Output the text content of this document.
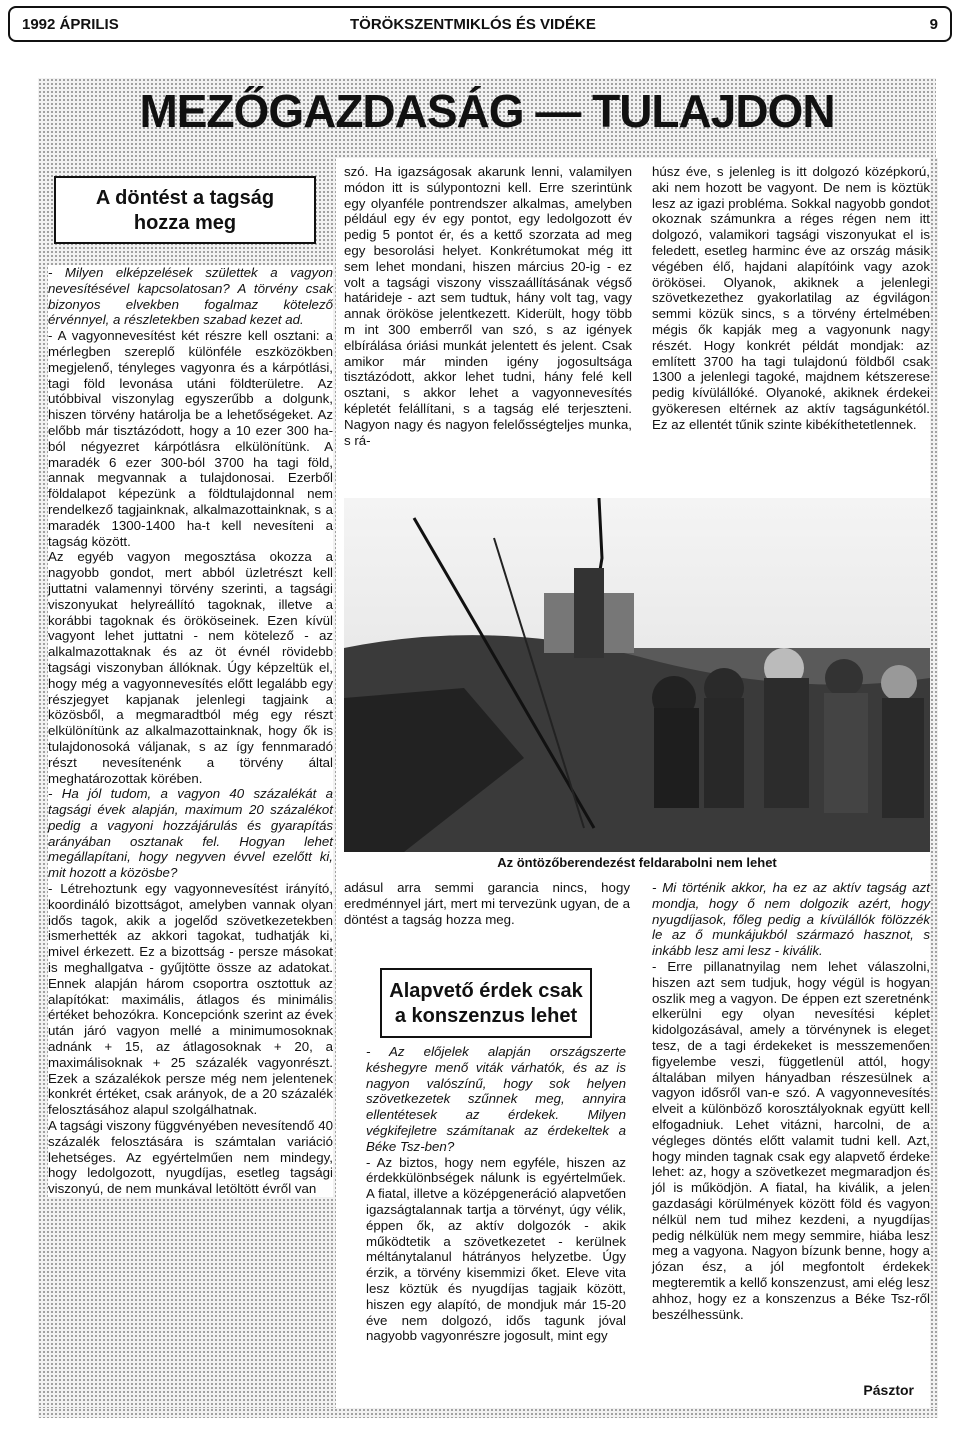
1992 ÁPRILIS	TÖRÖKSZENTMIKLÓS ÉS VIDÉKE	9
MEZŐGAZDASÁG — TULAJDON
A döntést a tagság
hozza meg

- Milyen elképzelések születtek a vagyon nevesítésével kapcsolatosan? A törvény csak bizonyos elvekben fogalmaz kötelező érvénnyel, a részletekben szabad kezet ad.

- A vagyonnevesítést két részre kell osztani: a mérlegben szereplő különféle eszközökben megjelenő, tényleges vagyonra és a kárpótlási, tagi föld levonása utáni földterületre. Az utóbbival viszonylag egyszerűbb a dolgunk, hiszen törvény határolja be a lehetőségeket. Az előbb már tisztázódott, hogy a 10 ezer 300 ha-ból négyezret kárpótlásra elkülönítünk. A maradék 6 ezer 300-ból 3700 ha tagi föld, annak megvannak a tulajdonosai. Ezerből földalapot képezünk a földtulajdonnal nem rendelkező tagjainknak, alkalmazottainknak, s a maradék 1300-1400 ha-t kell nevesíteni a tagság között.

Az egyéb vagyon megosztása okozza a nagyobb gondot, mert abból üzletrészt kell juttatni valamennyi törvény szerinti, a tagsági viszonyukat helyreállító tagoknak, illetve a korábbi tagoknak és örököseinek. Ezen kívül vagyont lehet juttatni - nem kötelező - az alkalmazottaknak és az öt évnél rövidebb tagsági viszonyban állóknak. Úgy képzeltük el, hogy még a vagyonnevesítés előtt legalább egy részjegyet kapjanak jelenlegi tagjaink a közösből, a megmaradtból még egy részt elkülönítünk az alkalmazottainknak, hogy ők is tulajdonosoká váljanak, s az így fennmaradó részt nevesítenénk a törvény által meghatározottak körében.

- Ha jól tudom, a vagyon 40 százalékát a tagsági évek alapján, maximum 20 százalékot pedig a vagyoni hozzájárulás és gyarapítás arányában osztanak fel. Hogyan lehet megállapítani, hogy negyven évvel ezelőtt ki, mit hozott a közösbe?

- Létrehoztunk egy vagyonnevesítést irányító, koordináló bizottságot, amelyben vannak olyan idős tagok, akik a jogelőd szövetkezetekben ismerhették az akkori tagokat, tudhatják ki, mivel érkezett. Ez a bizottság - persze másokat is meghallgatva - gyűjtötte össze az adatokat. Ennek alapján három csoportra osztottuk az alapítókat: maximális, átlagos és minimális értéket behozókra. Koncepciónk szerint az évek után járó vagyon mellé a minimumosoknak adnánk + 15, az átlagosoknak + 20, a maximálisoknak + 25 százalék vagyonrészt. Ezek a százalékok persze még nem jelentenek konkrét értéket, csak arányok, de a 20 százalék felosztásához alapul szolgálhatnak.

A tagsági viszony függvényében nevesítendő 40 százalék felosztására is számtalan variáció lehetséges. Az egyértelműen nem mindegy, hogy ledolgozott, nyugdíjas, esetleg tagsági viszonyú, de nem munkával letöltött évről van

szó. Ha igazságosak akarunk lenni, valamilyen módon itt is súlypontozni kell. Erre szerintünk egy olyanféle pontrendszer alkalmas, amelyben például egy év egy pontot, egy ledolgozott év pedig 5 pontot ér, és a kettő szorzata ad meg egy besorolási helyet. Konkrétumokat még itt sem lehet mondani, hiszen március 20-ig - ez volt a tagsági viszony visszaállításának végső határideje - azt sem tudtuk, hány volt tag, vagy annak örököse jelentkezett. Kiderült, hogy több m int 300 emberről van szó, s az igények elbírálása óriási munkát jelentett és jelent. Csak amikor már minden igény jogosultsága tisztázódott, akkor lehet tudni, hány felé kell osztani, s akkor lehet a vagyonnevesítés képletét felállítani, s a tagság elé terjeszteni. Nagyon nagy és nagyon felelősségteljes munka, s rá-

húsz éve, s jelenleg is itt dolgozó középkorú, aki nem hozott be vagyont. De nem is köztük lesz az igazi probléma. Sokkal nagyobb gondot okoznak számunkra a réges régen nem itt dolgozó, valamikori tagsági viszonyukat el is feledett, esetleg harminc éve az ország másik végében élő, hajdani alapítóink vagy azok örökösei. Olyanok, akiknek a jelenlegi szövetkezethez gyakorlatilag az égvilágon semmi közük sincs, s a törvény értelmében mégis ők kapják meg a vagyonunk nagy részét. Hogy konkrét példát mondjak: az említett 3700 ha tagi tulajdonú földből csak 1300 a jelenlegi tagoké, majdnem kétszerese pedig kívülállóké. Olyanoké, akiknek érdekei gyökeresen eltérnek az aktív tagságunkétól. Ez az ellentét tűnik szinte kibékíthetetlennek.

Az öntözőberendezést feldarabolni nem lehet

adásul arra semmi garancia nincs, hogy eredménnyel járt, mert mi tervezünk ugyan, de a döntést a tagság hozza meg.

Alapvető érdek csak
a konszenzus lehet

- Az előjelek alapján országszerte késhegyre menő viták várhatók, és az is nagyon valószínű, hogy sok helyen szövetkezetek szűnnek meg, annyira ellentétesek az érdekek. Milyen végkifejletre számítanak az érdekeltek a Béke Tsz-ben?

- Az biztos, hogy nem egyféle, hiszen az érdekkülönbségek nálunk is egyértelműek. A fiatal, illetve a középgeneráció alapvetően igazságtalannak tartja a törvényt, úgy vélik, éppen ők, az aktív dolgozók - akik működtetik a szövetkezetet - kerülnek méltánytalanul hátrányos helyzetbe. Úgy érzik, a törvény kisemmizi őket. Eleve vita lesz köztük és nyugdíjas tagjaik között, hiszen egy alapító, de mondjuk már 15-20 éve nem dolgozó, idős tagunk jóval nagyobb vagyonrészre jogosult, mint egy

- Mi történik akkor, ha ez az aktív tagság azt mondja, hogy ő nem dolgozik azért, hogy nyugdíjasok, főleg pedig a kívülállók fölözzék le az ő munkájukból származó hasznot, s inkább lesz ami lesz - kiválik.

- Erre pillanatnyilag nem lehet válaszolni, hiszen azt sem tudjuk, hogy végül is hogyan oszlik meg a vagyon. De éppen ezt szeretnénk elkerülni egy olyan nevesítési képlet kidolgozásával, amely a törvénynek is eleget tesz, de a tagi érdekeket is messzemenően figyelembe veszi, függetlenül attól, hogy általában milyen hányadban részesülnek a vagyon idősről van-e szó. A vagyonnevesítés elveit a különböző korosztályoknak együtt kell elfogadniuk. Lehet vitázni, harcolni, de a végleges döntés előtt valamit tudni kell. Azt, hogy minden tagnak csak egy alapvető érdeke lehet: az, hogy a szövetkezet megmaradjon és jól is működjön. A fiatal, ha kiválik, a jelen gazdasági körülmények között föld és vagyon nélkül nem tud mihez kezdeni, a nyugdíjas pedig nélkülük nem megy semmire, hiába lesz meg a vagyona. Nagyon bízunk benne, hogy a józan ész, a jól megfontolt érdekek megteremtik a kellő konszenzust, ami elég lesz ahhoz, hogy ez a konszenzus a Béke Tsz-ről beszélhessünk.

Pásztor
